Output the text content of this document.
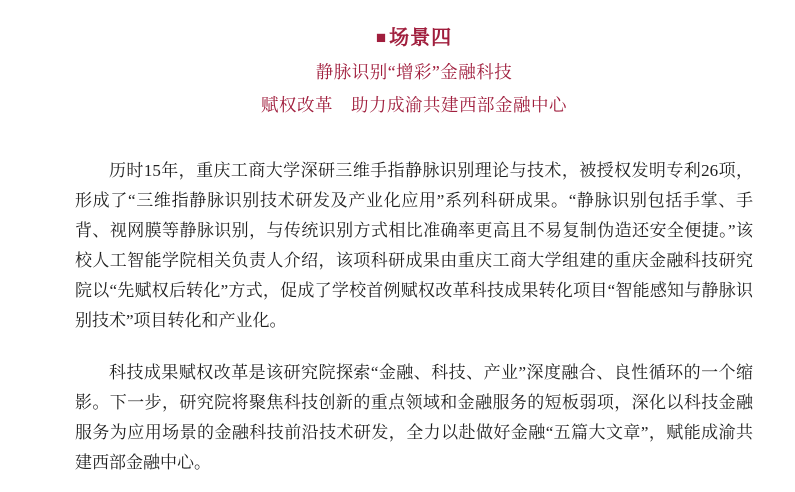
■ 场景四
静脉识别“增彩”金融科技
赋权改革　助力成渝共建西部金融中心

历时15年，重庆工商大学深研三维手指静脉识别理论与技术，被授权发明专利26项，形成了“三维指静脉识别技术研发及产业化应用”系列科研成果。“静脉识别包括手掌、手背、视网膜等静脉识别，与传统识别方式相比准确率更高且不易复制伪造还安全便捷。”该校人工智能学院相关负责人介绍，该项科研成果由重庆工商大学组建的重庆金融科技研究院以“先赋权后转化”方式，促成了学校首例赋权改革科技成果转化项目“智能感知与静脉识别技术”项目转化和产业化。

科技成果赋权改革是该研究院探索“金融、科技、产业”深度融合、良性循环的一个缩影。下一步，研究院将聚焦科技创新的重点领域和金融服务的短板弱项，深化以科技金融服务为应用场景的金融科技前沿技术研发，全力以赴做好金融“五篇大文章”，赋能成渝共建西部金融中心。
